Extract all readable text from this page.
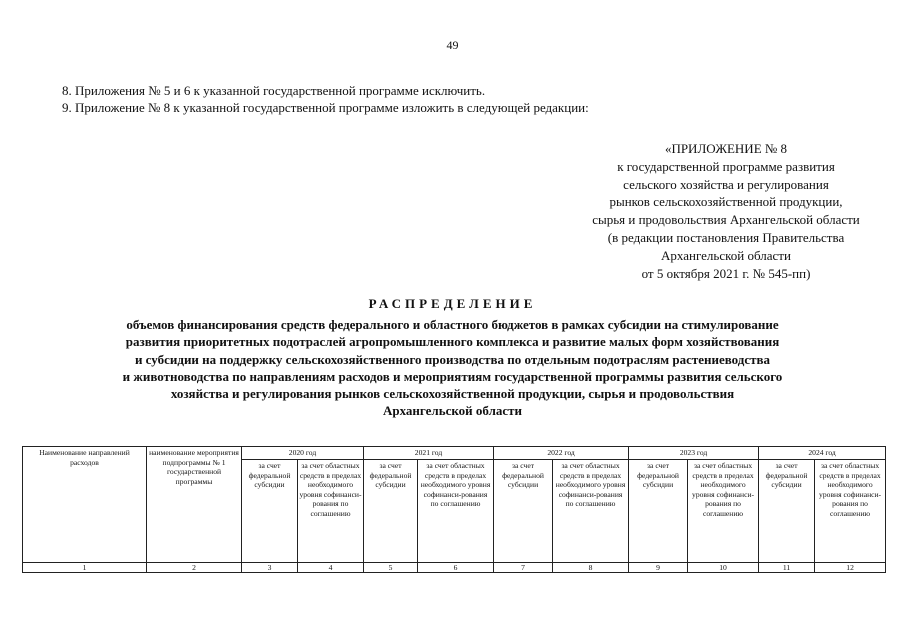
49
8. Приложения № 5 и 6 к указанной государственной программе исключить.
9. Приложение № 8 к указанной государственной программе изложить в следующей редакции:
«ПРИЛОЖЕНИЕ № 8
к государственной программе развития
сельского хозяйства и регулирования
рынков сельскохозяйственной продукции,
сырья и продовольствия Архангельской области
(в редакции постановления Правительства
Архангельской области
от 5 октября 2021 г. № 545-пп)
РАСПРЕДЕЛЕНИЕ
объемов финансирования средств федерального и областного бюджетов в рамках субсидии на стимулирование
развития приоритетных подотраслей агропромышленного комплекса и развитие малых форм хозяйствования
и субсидии на поддержку сельскохозяйственного производства по отдельным подотраслям растениеводства
и животноводства по направлениям расходов и мероприятиям государственной программы развития сельского
хозяйства и регулирования рынков сельскохозяйственной продукции, сырья и продовольствия
Архангельской области
Наименование направлений расходов	наименование мероприятия подпрограммы № 1 государственной программы	2020 год		2021 год		2022 год		2023 год		2024 год	
		за счет федеральной субсидии	за счет областных средств в пределах необходимого уровня софинанси-рования по соглашению	за счет федеральной субсидии	за счет областных средств в пределах необходимого уровня софинанси-рования по соглашению	за счет федеральной субсидии	за счет областных средств в пределах необходимого уровня софинанси-рования по соглашению	за счет федеральной субсидии	за счет областных средств в пределах необходимого уровня софинанси-рования по соглашению	за счет федеральной субсидии	за счет областных средств в пределах необходимого уровня софинанси-рования по соглашению
1	2	3	4	5	6	7	8	9	10	11	12
